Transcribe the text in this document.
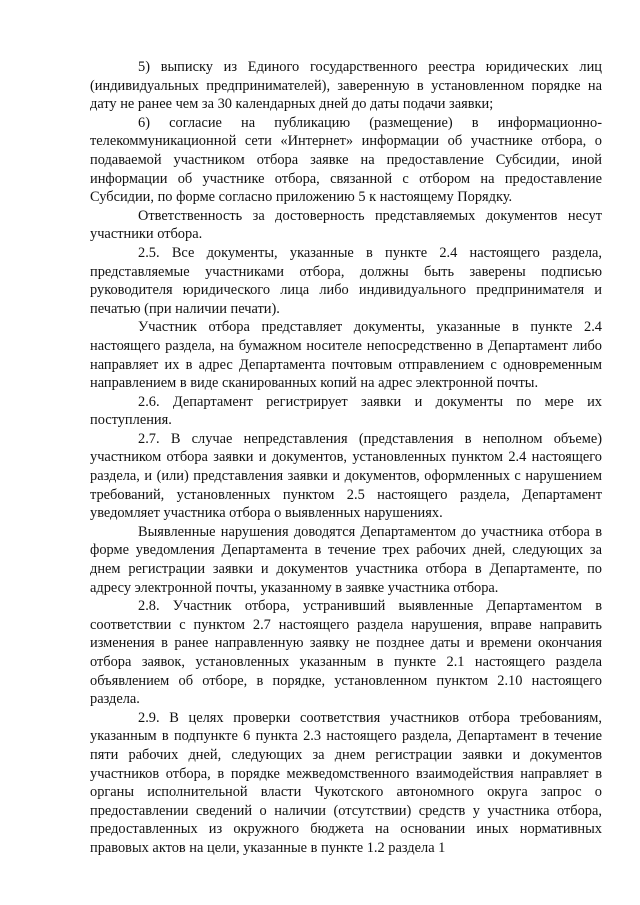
5) выписку из Единого государственного реестра юридических лиц (индивидуальных предпринимателей), заверенную в установленном порядке на дату не ранее чем за 30 календарных дней до даты подачи заявки;

6) согласие на публикацию (размещение) в информационно-телекоммуникационной сети «Интернет» информации об участнике отбора, о подаваемой участником отбора заявке на предоставление Субсидии, иной информации об участнике отбора, связанной с отбором на предоставление Субсидии, по форме согласно приложению 5 к настоящему Порядку.

Ответственность за достоверность представляемых документов несут участники отбора.

2.5. Все документы, указанные в пункте 2.4 настоящего раздела, представляемые участниками отбора, должны быть заверены подписью руководителя юридического лица либо индивидуального предпринимателя и печатью (при наличии печати).

Участник отбора представляет документы, указанные в пункте 2.4 настоящего раздела, на бумажном носителе непосредственно в Департамент либо направляет их в адрес Департамента почтовым отправлением с одновременным направлением в виде сканированных копий на адрес электронной почты.

2.6. Департамент регистрирует заявки и документы по мере их поступления.

2.7. В случае непредставления (представления в неполном объеме) участником отбора заявки и документов, установленных пунктом 2.4 настоящего раздела, и (или) представления заявки и документов, оформленных с нарушением требований, установленных пунктом 2.5 настоящего раздела, Департамент уведомляет участника отбора о выявленных нарушениях.

Выявленные нарушения доводятся Департаментом до участника отбора в форме уведомления Департамента в течение трех рабочих дней, следующих за днем регистрации заявки и документов участника отбора в Департаменте, по адресу электронной почты, указанному в заявке участника отбора.

2.8. Участник отбора, устранивший выявленные Департаментом в соответствии с пунктом 2.7 настоящего раздела нарушения, вправе направить изменения в ранее направленную заявку не позднее даты и времени окончания отбора заявок, установленных указанным в пункте 2.1 настоящего раздела объявлением об отборе, в порядке, установленном пунктом 2.10 настоящего раздела.

2.9. В целях проверки соответствия участников отбора требованиям, указанным в подпункте 6 пункта 2.3 настоящего раздела, Департамент в течение пяти рабочих дней, следующих за днем регистрации заявки и документов участников отбора, в порядке межведомственного взаимодействия направляет в органы исполнительной власти Чукотского автономного округа запрос о предоставлении сведений о наличии (отсутствии) средств у участника отбора, предоставленных из окружного бюджета на основании иных нормативных правовых актов на цели, указанные в пункте 1.2 раздела 1
